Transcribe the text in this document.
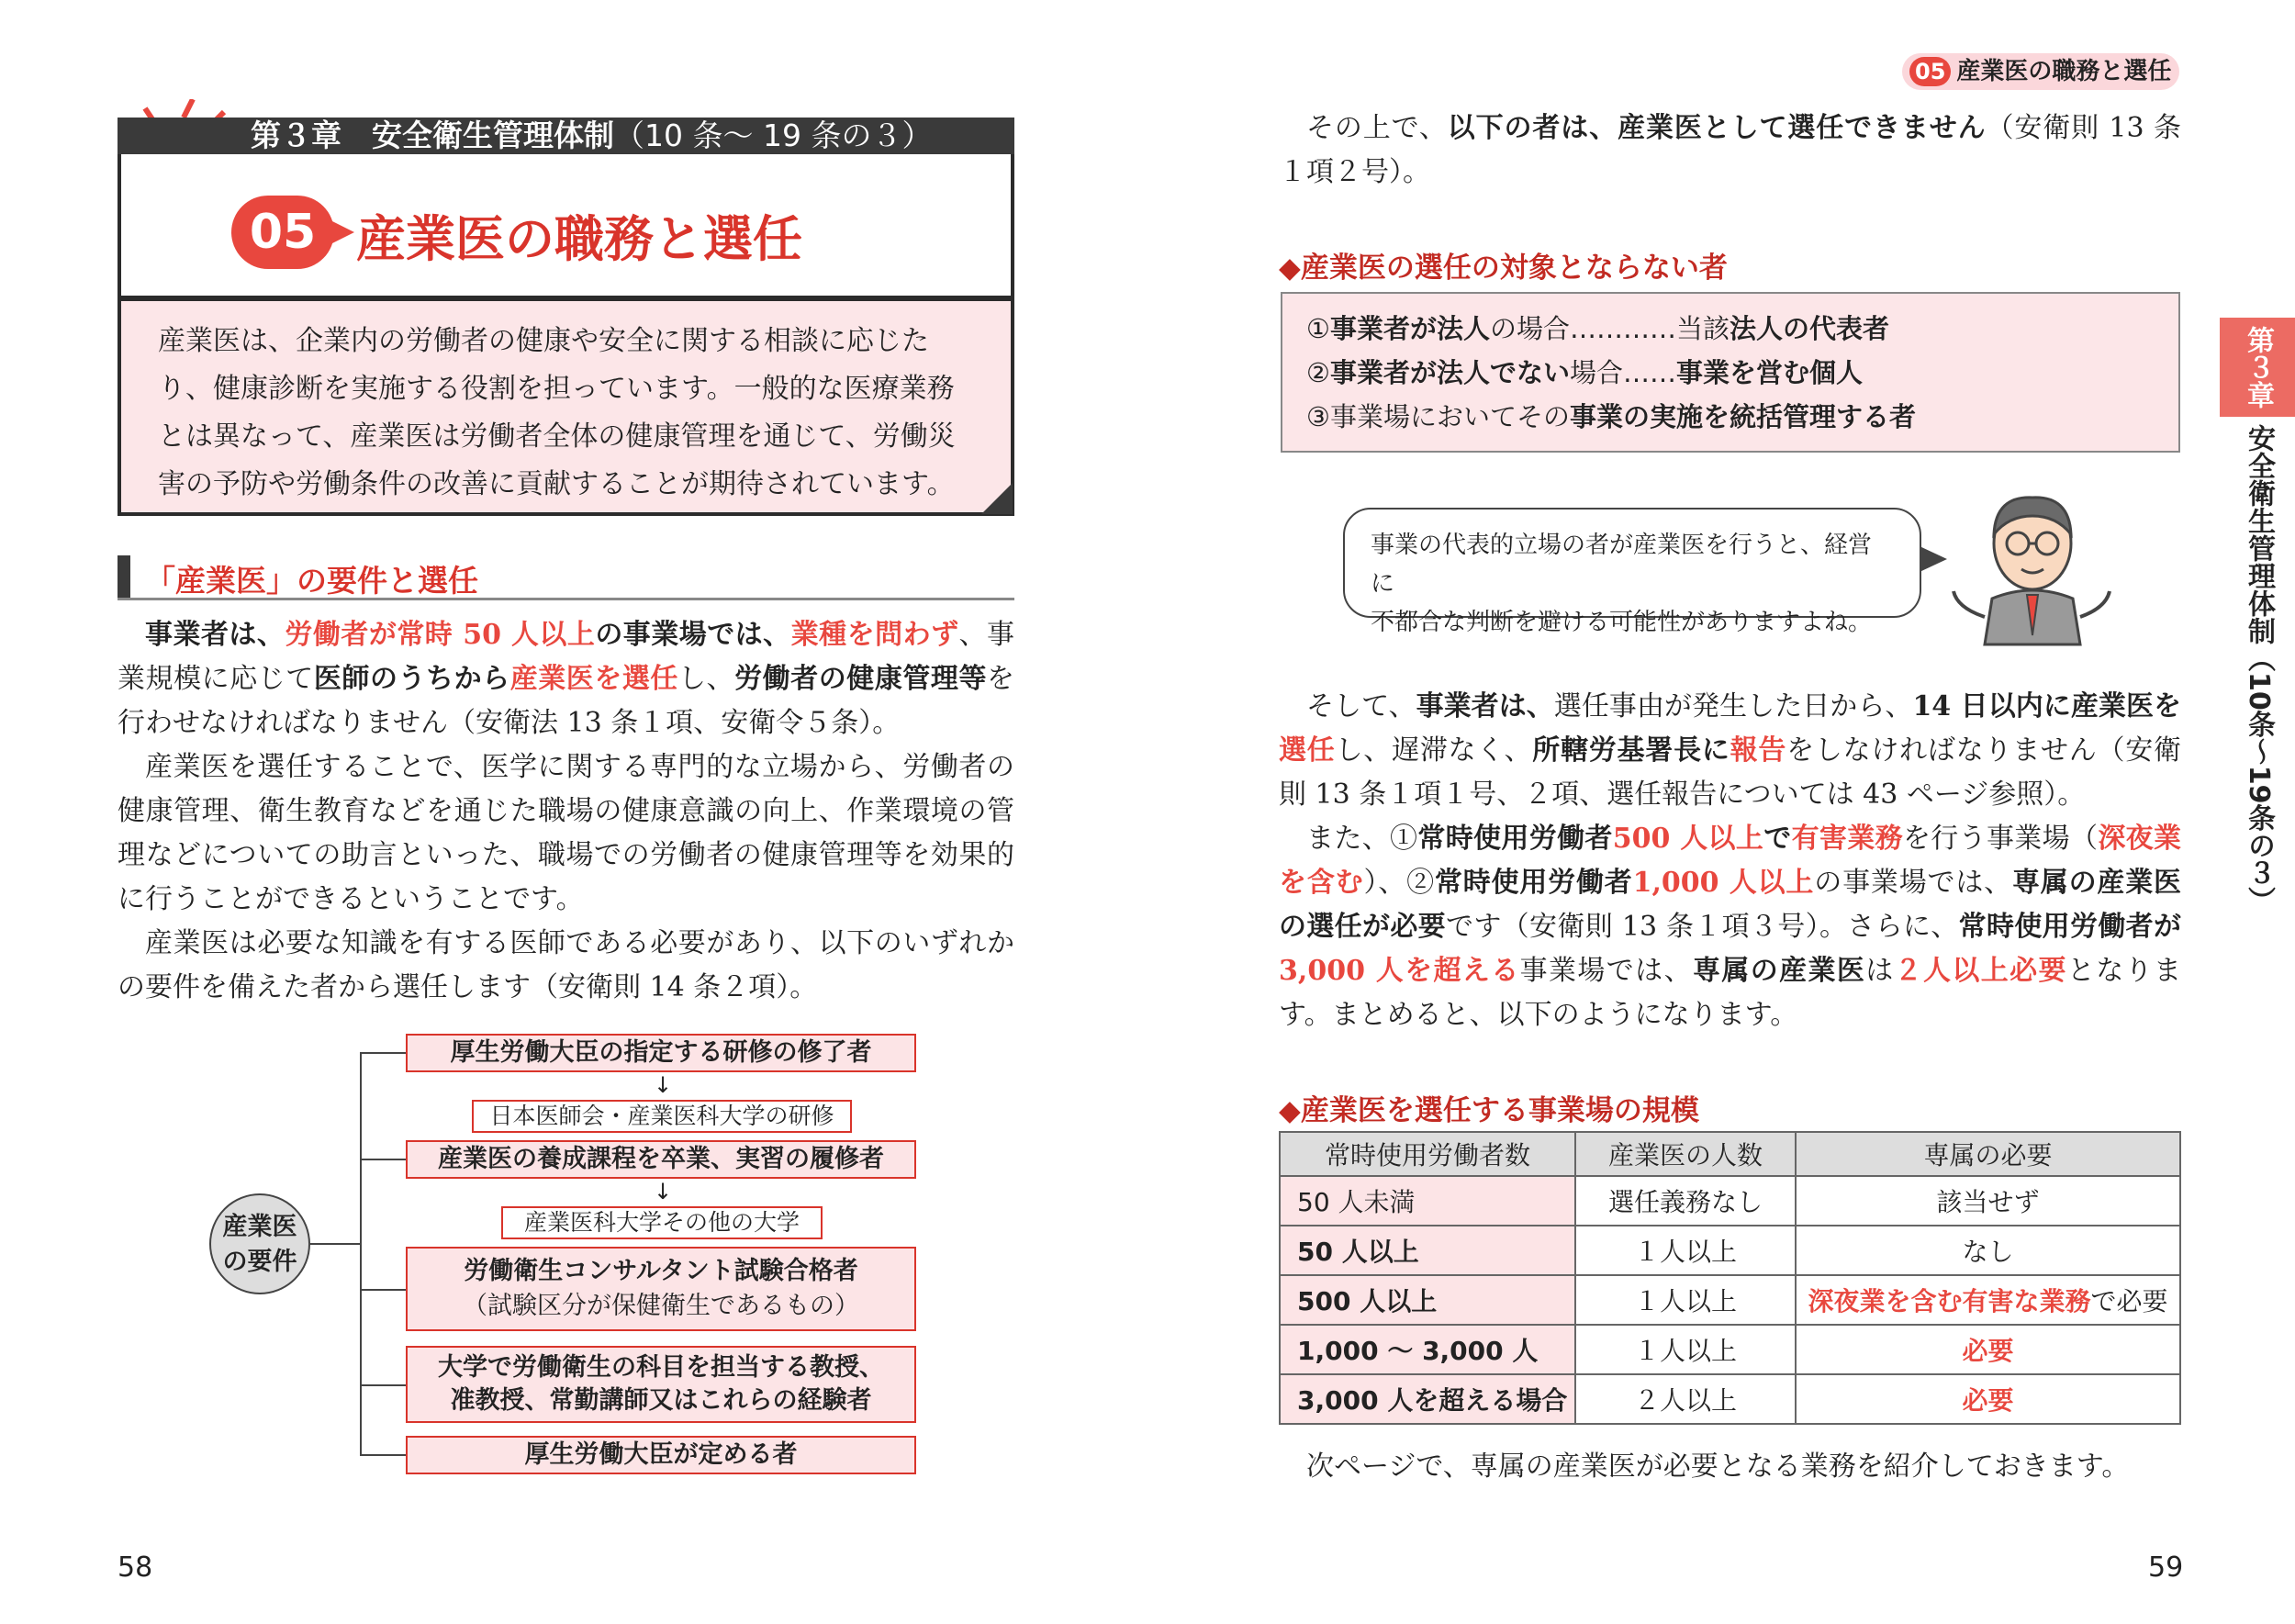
第３章　安全衛生管理体制（10 条～ 19 条の３）
05 産業医の職務と選任
産業医は、企業内の労働者の健康や安全に関する相談に応じたり、健康診断を実施する役割を担っています。一般的な医療業務とは異なって、産業医は労働者全体の健康管理を通じて、労働災害の予防や労働条件の改善に貢献することが期待されています。
「産業医」の要件と選任
事業者は、労働者が常時 50 人以上の事業場では、業種を問わず、事業規模に応じて医師のうちから産業医を選任し、労働者の健康管理等を行わせなければなりません（安衛法 13 条１項、安衛令５条）。
産業医を選任することで、医学に関する専門的な立場から、労働者の健康管理、衛生教育などを通じた職場の健康意識の向上、作業環境の管理などについての助言といった、職場での労働者の健康管理等を効果的に行うことができるということです。
産業医は必要な知識を有する医師である必要があり、以下のいずれかの要件を備えた者から選任します（安衛則 14 条２項）。
産業医
の要件
厚生労働大臣の指定する研修の修了者
↓
日本医師会・産業医科大学の研修
産業医の養成課程を卒業、実習の履修者
↓
産業医科大学その他の大学
労働衛生コンサルタント試験合格者
（試験区分が保健衛生であるもの）
大学で労働衛生の科目を担当する教授、
准教授、常勤講師又はこれらの経験者
厚生労働大臣が定める者
58
05 産業医の職務と選任
第３章
安全衛生管理体制（10条～19条の３）
その上で、以下の者は、産業医として選任できません（安衛則 13 条１項２号）。
◆産業医の選任の対象とならない者
①事業者が法人の場合…………当該法人の代表者
②事業者が法人でない場合……事業を営む個人
③事業場においてその事業の実施を統括管理する者
事業の代表的立場の者が産業医を行うと、経営に
不都合な判断を避ける可能性がありますよね。
そして、事業者は、選任事由が発生した日から、14 日以内に産業医を選任し、遅滞なく、所轄労基署長に報告をしなければなりません（安衛則 13 条１項１号、２項、選任報告については 43 ページ参照）。
また、①常時使用労働者500 人以上で有害業務を行う事業場（深夜業を含む）、②常時使用労働者1,000 人以上の事業場では、専属の産業医の選任が必要です（安衛則 13 条１項３号）。さらに、常時使用労働者が3,000 人を超える事業場では、専属の産業医は２人以上必要となります。まとめると、以下のようになります。
◆産業医を選任する事業場の規模
常時使用労働者数	産業医の人数	専属の必要
50 人未満	選任義務なし	該当せず
50 人以上	１人以上	なし
500 人以上	１人以上	深夜業を含む有害な業務で必要
1,000 ～ 3,000 人	１人以上	必要
3,000 人を超える場合	２人以上	必要
次ページで、専属の産業医が必要となる業務を紹介しておきます。
59
